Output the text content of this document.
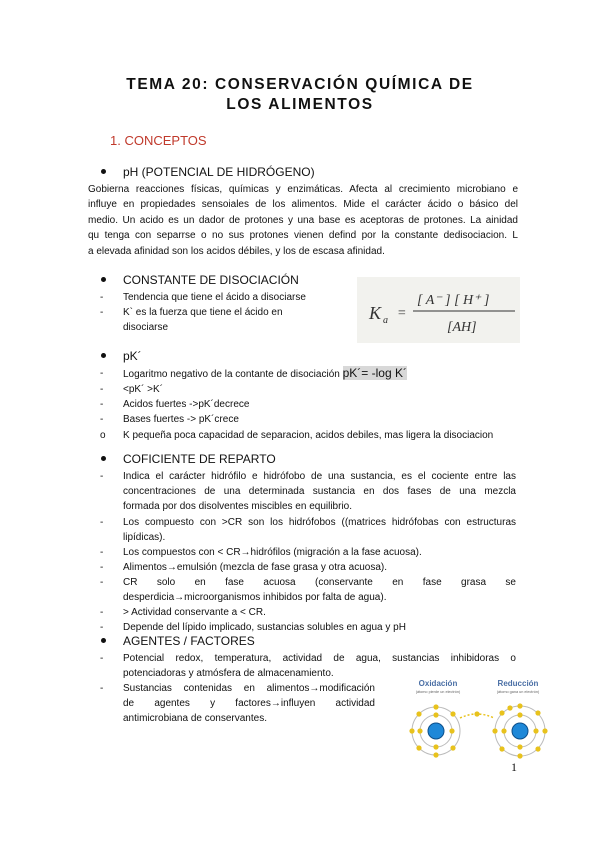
TEMA 20: CONSERVACIÓN QUÍMICA DE
LOS ALIMENTOS
1. CONCEPTOS
pH (POTENCIAL DE HIDRÓGENO)
Gobierna reacciones físicas, químicas y enzimáticas. Afecta al crecimiento microbiano e
influye en propiedades sensoiales de los alimentos. Mide el carácter ácido o básico del
medio. Un acido es un dador de protones y una base es aceptoras de protones. La ainidad
qu tenga con separrse o no sus protones vienen defind por la constante dedisociacion. L
a elevada afinidad son los acidos débiles, y los de escasa afinidad.
CONSTANTE DE DISOCIACIÓN
- Tendencia que tiene el ácido a disociarse
- K` es la fuerza que tiene el ácido en
disociarse
K a =
[ A⁻ ] [ H⁺ ]
[AH]
pK´
- Logaritmo negativo de la contante de disociación pK´= -log K´
- <pK´ >K´
- Acidos fuertes ->pK´decrece
- Bases fuertes -> pK´crece
o K pequeña poca capacidad de separacion, acidos debiles, mas ligera la disociacion
COFICIENTE DE REPARTO
- Indica el carácter hidrófilo e hidrófobo de una sustancia, es el cociente entre las
concentraciones de una determinada sustancia en dos fases de una mezcla
formada por dos disolventes miscibles en equilibrio.
- Los compuesto con >CR son los hidrófobos ((matrices hidrófobas con estructuras
lipídicas).
- Los compuestos con < CR→hidrófilos (migración a la fase acuosa).
- Alimentos→emulsión (mezcla de fase grasa y otra acuosa).
- CR solo en fase acuosa (conservante en fase grasa se
desperdicia→microorganismos inhibidos por falta de agua).
- > Actividad conservante a < CR.
- Depende del lípido implicado, sustancias solubles en agua y pH
AGENTES / FACTORES
- Potencial redox, temperatura, actividad de agua, sustancias inhibidoras o
potenciadoras y atmósfera de almacenamiento.
- Sustancias contenidas en alimentos→modificación
de agentes y factores→influyen actividad
antimicrobiana de conservantes.
Oxidación
(átomo pierde un electrón)
Reducción
(átomo gana un electrón)
1
